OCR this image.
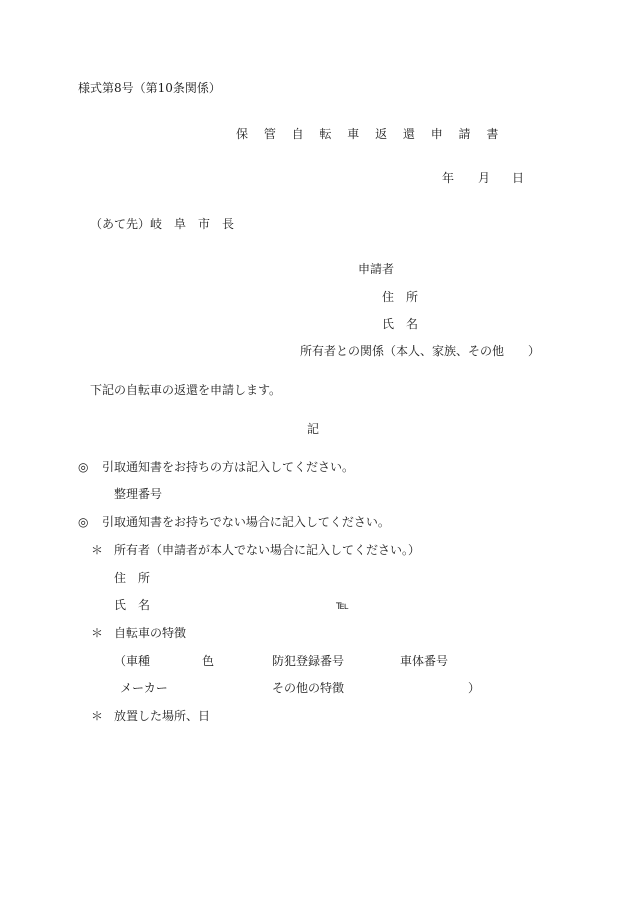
様式第8号（第10条関係）
保 管 自 転 車 返 還 申 請 書
年 月 日
（あて先）岐　阜　市　長
申請者
住　所
氏　名
所有者との関係（本人、家族、その他　　）
下記の自転車の返還を申請します。
記
◎ 引取通知書をお持ちの方は記入してください。
整理番号
◎ 引取通知書をお持ちでない場合に記入してください。
＊ 所有者（申請者が本人でない場合に記入してください。）
住　所
氏　名	℡
＊ 自転車の特徴
（車種	色	防犯登録番号	車体番号
メーカー	その他の特徴	）
＊ 放置した場所、日
